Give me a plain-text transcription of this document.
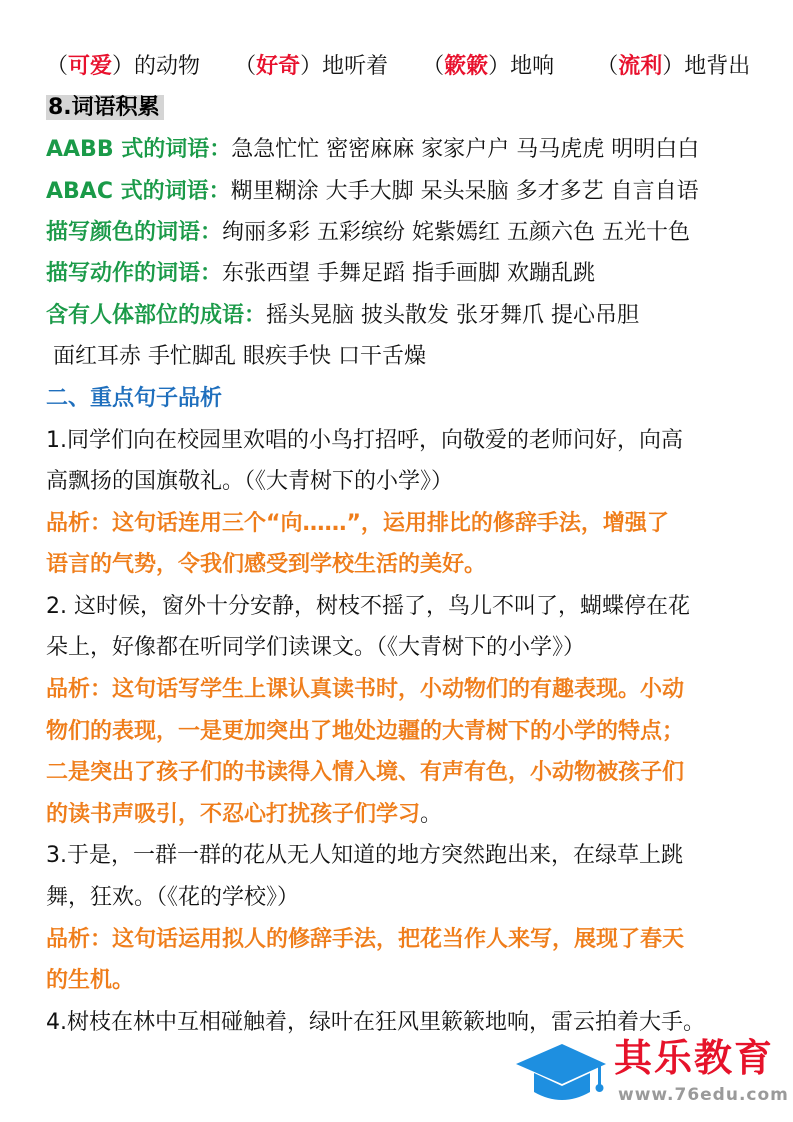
（可爱）的动物 （好奇）地听着 （簌簌）地响 （流利）地背出
8.词语积累
AABB 式的词语：急急忙忙 密密麻麻 家家户户 马马虎虎 明明白白
ABAC 式的词语：糊里糊涂 大手大脚 呆头呆脑 多才多艺 自言自语
描写颜色的词语：绚丽多彩 五彩缤纷 姹紫嫣红 五颜六色 五光十色
描写动作的词语：东张西望 手舞足蹈 指手画脚 欢蹦乱跳
含有人体部位的成语：摇头晃脑 披头散发 张牙舞爪 提心吊胆
面红耳赤 手忙脚乱 眼疾手快 口干舌燥
二、重点句子品析
1.同学们向在校园里欢唱的小鸟打招呼，向敬爱的老师问好，向高
高飘扬的国旗敬礼。（《大青树下的小学》）
品析：这句话连用三个“向……”，运用排比的修辞手法，增强了
语言的气势，令我们感受到学校生活的美好。
2. 这时候，窗外十分安静，树枝不摇了，鸟儿不叫了，蝴蝶停在花
朵上，好像都在听同学们读课文。（《大青树下的小学》）
品析：这句话写学生上课认真读书时，小动物们的有趣表现。小动
物们的表现，一是更加突出了地处边疆的大青树下的小学的特点；
二是突出了孩子们的书读得入情入境、有声有色，小动物被孩子们
的读书声吸引，不忍心打扰孩子们学习。
3.于是，一群一群的花从无人知道的地方突然跑出来，在绿草上跳
舞，狂欢。（《花的学校》）
品析：这句话运用拟人的修辞手法，把花当作人来写，展现了春天
的生机。
4.树枝在林中互相碰触着，绿叶在狂风里簌簌地响，雷云拍着大手。
其乐教育
www.76edu.com
